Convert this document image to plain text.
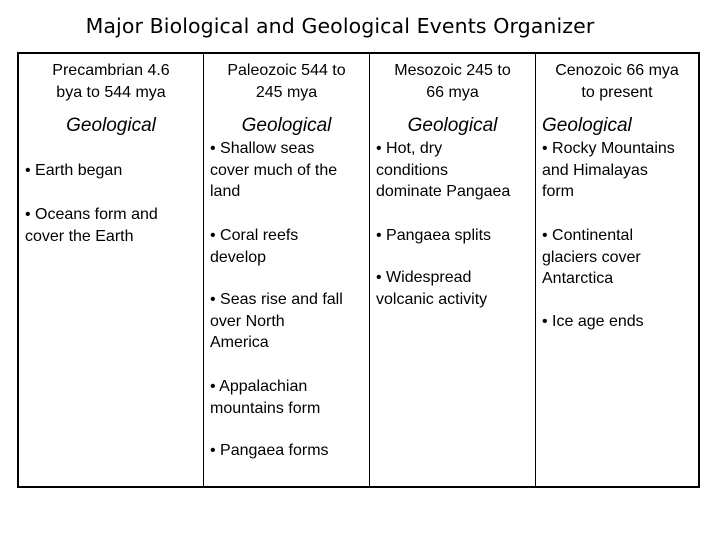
Major Biological and Geological Events Organizer
Precambrian 4.6
bya to 544 mya
Geological
• Earth began
• Oceans form and
cover the Earth
Paleozoic 544 to
245 mya
Geological
• Shallow seas
cover much of the
land
• Coral reefs
develop
• Seas rise and fall
over North
America
• Appalachian
mountains form
• Pangaea forms
Mesozoic 245 to
66 mya
Geological
• Hot, dry
conditions
dominate Pangaea
• Pangaea splits
• Widespread
volcanic activity
Cenozoic 66 mya
to present
Geological
• Rocky Mountains
and Himalayas
form
• Continental
glaciers cover
Antarctica
• Ice age ends
